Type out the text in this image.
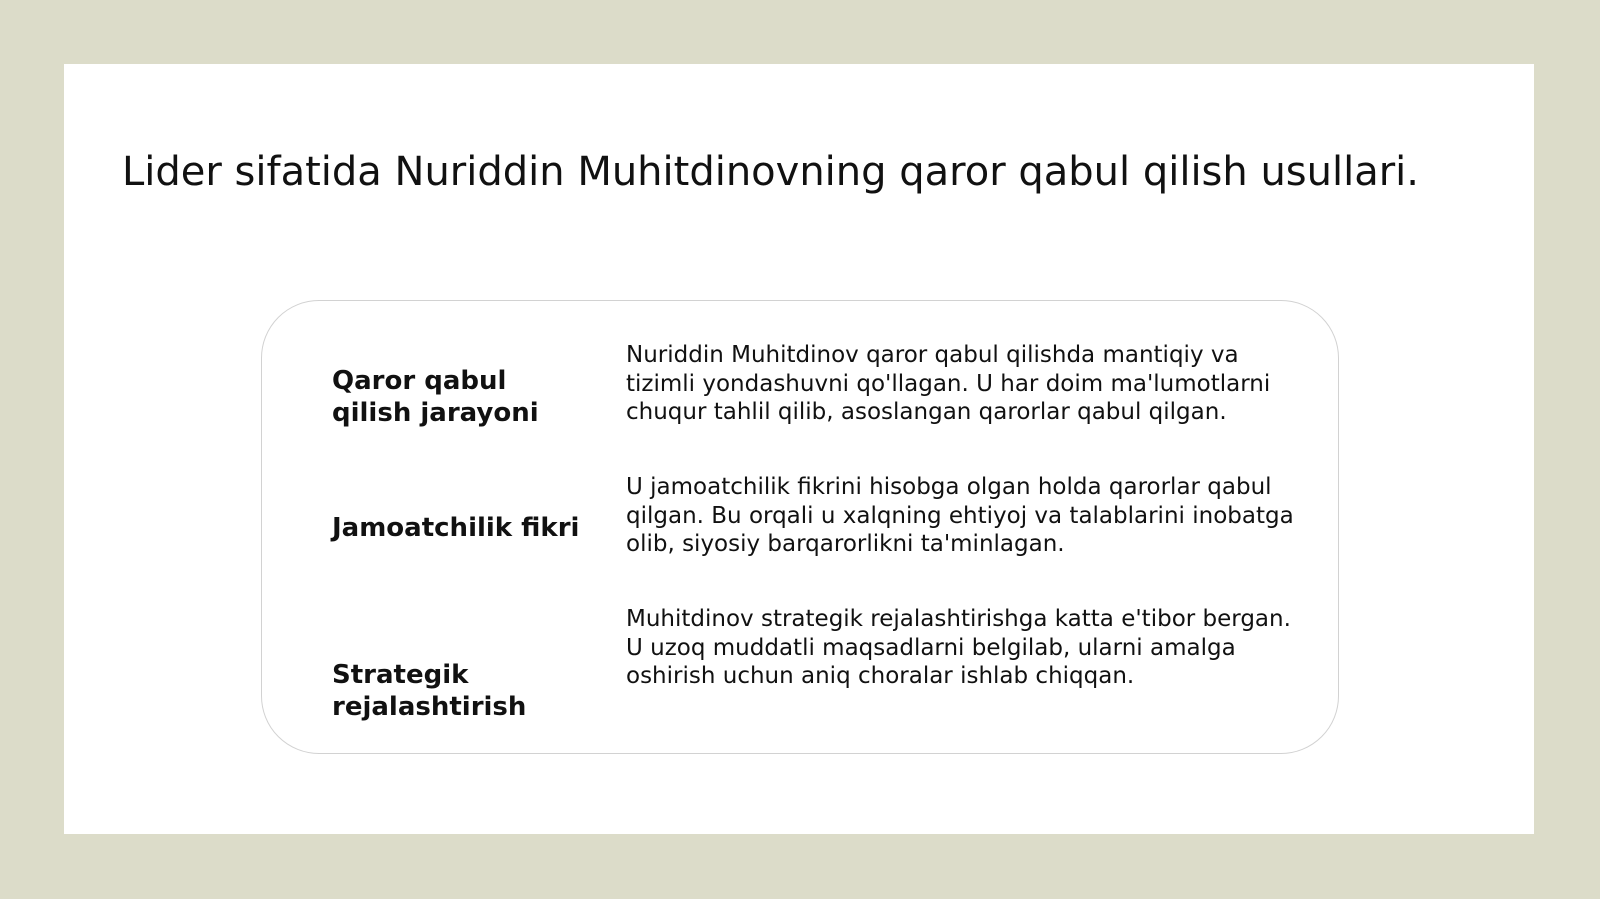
Lider sifatida Nuriddin Muhitdinovning qaror qabul qilish usullari.
Qaror qabul qilish jarayoni
Nuriddin Muhitdinov qaror qabul qilishda mantiqiy va tizimli yondashuvni qo'llagan. U har doim ma'lumotlarni chuqur tahlil qilib, asoslangan qarorlar qabul qilgan.
Jamoatchilik fikri
U jamoatchilik fikrini hisobga olgan holda qarorlar qabul qilgan. Bu orqali u xalqning ehtiyoj va talablarini inobatga olib, siyosiy barqarorlikni ta'minlagan.
Strategik rejalashtirish
Muhitdinov strategik rejalashtirishga katta e'tibor bergan. U uzoq muddatli maqsadlarni belgilab, ularni amalga oshirish uchun aniq choralar ishlab chiqqan.
